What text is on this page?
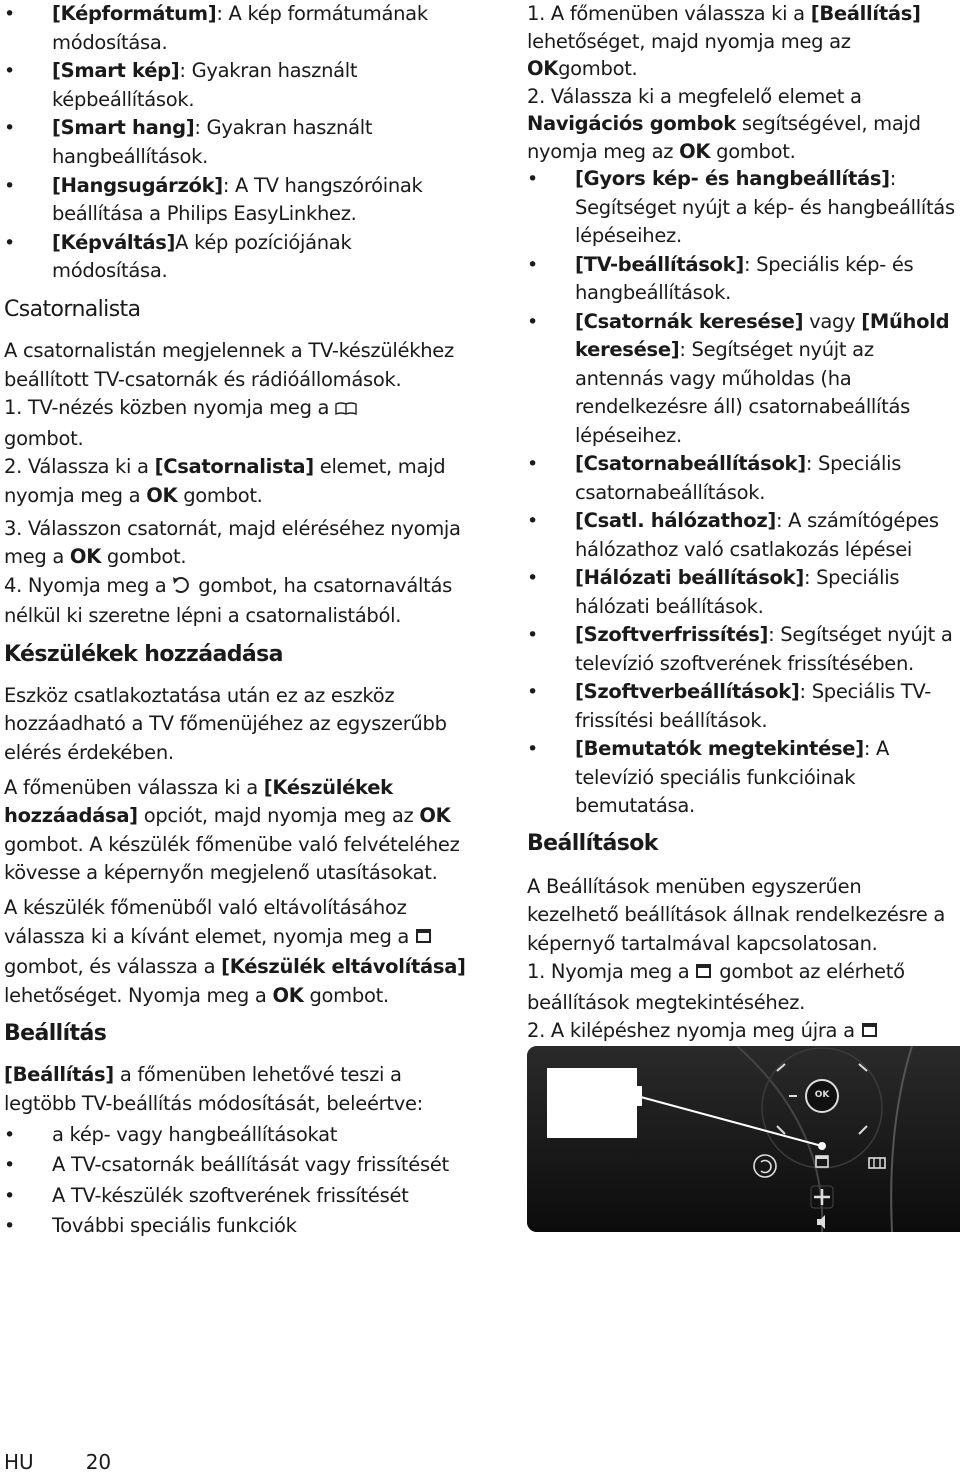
• [Képformátum]: A kép formátumának módosítása.
• [Smart kép]: Gyakran használt képbeállítások.
• [Smart hang]: Gyakran használt hangbeállítások.
• [Hangsugárzók]: A TV hangszóróinak beállítása a Philips EasyLinkhez.
• [Képváltás]A kép pozíciójának módosítása.
Csatornalista

A csatornalistán megjelennek a TV-készülékhez beállított TV-csatornák és rádióállomások.

1. TV-nézés közben nyomja meg a
gombot.

2. Válassza ki a [Csatornalista] elemet, majd nyomja meg a OK gombot.

3. Válasszon csatornát, majd eléréséhez nyomja meg a OK gombot.

4. Nyomja meg a gombot, ha csatornaváltás nélkül ki szeretne lépni a csatornalistából.

Készülékek hozzáadása

Eszköz csatlakoztatása után ez az eszköz hozzáadható a TV főmenüjéhez az egyszerűbb elérés érdekében.

A főmenüben válassza ki a [Készülékek hozzáadása] opciót, majd nyomja meg az OK gombot. A készülék főmenübe való felvételéhez kövesse a képernyőn megjelenő utasításokat.

A készülék főmenüből való eltávolításához válassza ki a kívánt elemet, nyomja meg a  gombot, és válassza a [Készülék eltávolítása] lehetőséget. Nyomja meg a OK gombot.

Beállítás

[Beállítás] a főmenüben lehetővé teszi a legtöbb TV-beállítás módosítását, beleértve:

• a kép- vagy hangbeállításokat
• A TV-csatornák beállítását vagy frissítését
• A TV-készülék szoftverének frissítését
• További speciális funkciók

1. A főmenüben válassza ki a [Beállítás] lehetőséget, majd nyomja meg az OKgombot.

2. Válassza ki a megfelelő elemet a Navigációs gombok segítségével, majd nyomja meg az OK gombot.

• [Gyors kép- és hangbeállítás]: Segítséget nyújt a kép- és hangbeállítás lépéseihez.
• [TV-beállítások]: Speciális kép- és hangbeállítások.
• [Csatornák keresése] vagy [Műhold keresése]: Segítséget nyújt az antennás vagy műholdas (ha rendelkezésre áll) csatornabeállítás lépéseihez.
• [Csatornabeállítások]: Speciális csatornabeállítások.
• [Csatl. hálózathoz]: A számítógépes hálózathoz való csatlakozás lépései
• [Hálózati beállítások]: Speciális hálózati beállítások.
• [Szoftverfrissítés]: Segítséget nyújt a televízió szoftverének frissítésében.
• [Szoftverbeállítások]: Speciális TV-frissítési beállítások.
• [Bemutatók megtekintése]: A televízió speciális funkcióinak bemutatása.
Beállítások

A Beállítások menüben egyszerűen kezelhető beállítások állnak rendelkezésre a képernyő tartalmával kapcsolatosan.

1. Nyomja meg a gombot az elérhető beállítások megtekintéséhez.

2. A kilépéshez nyomja meg újra a

OK
HU	20
